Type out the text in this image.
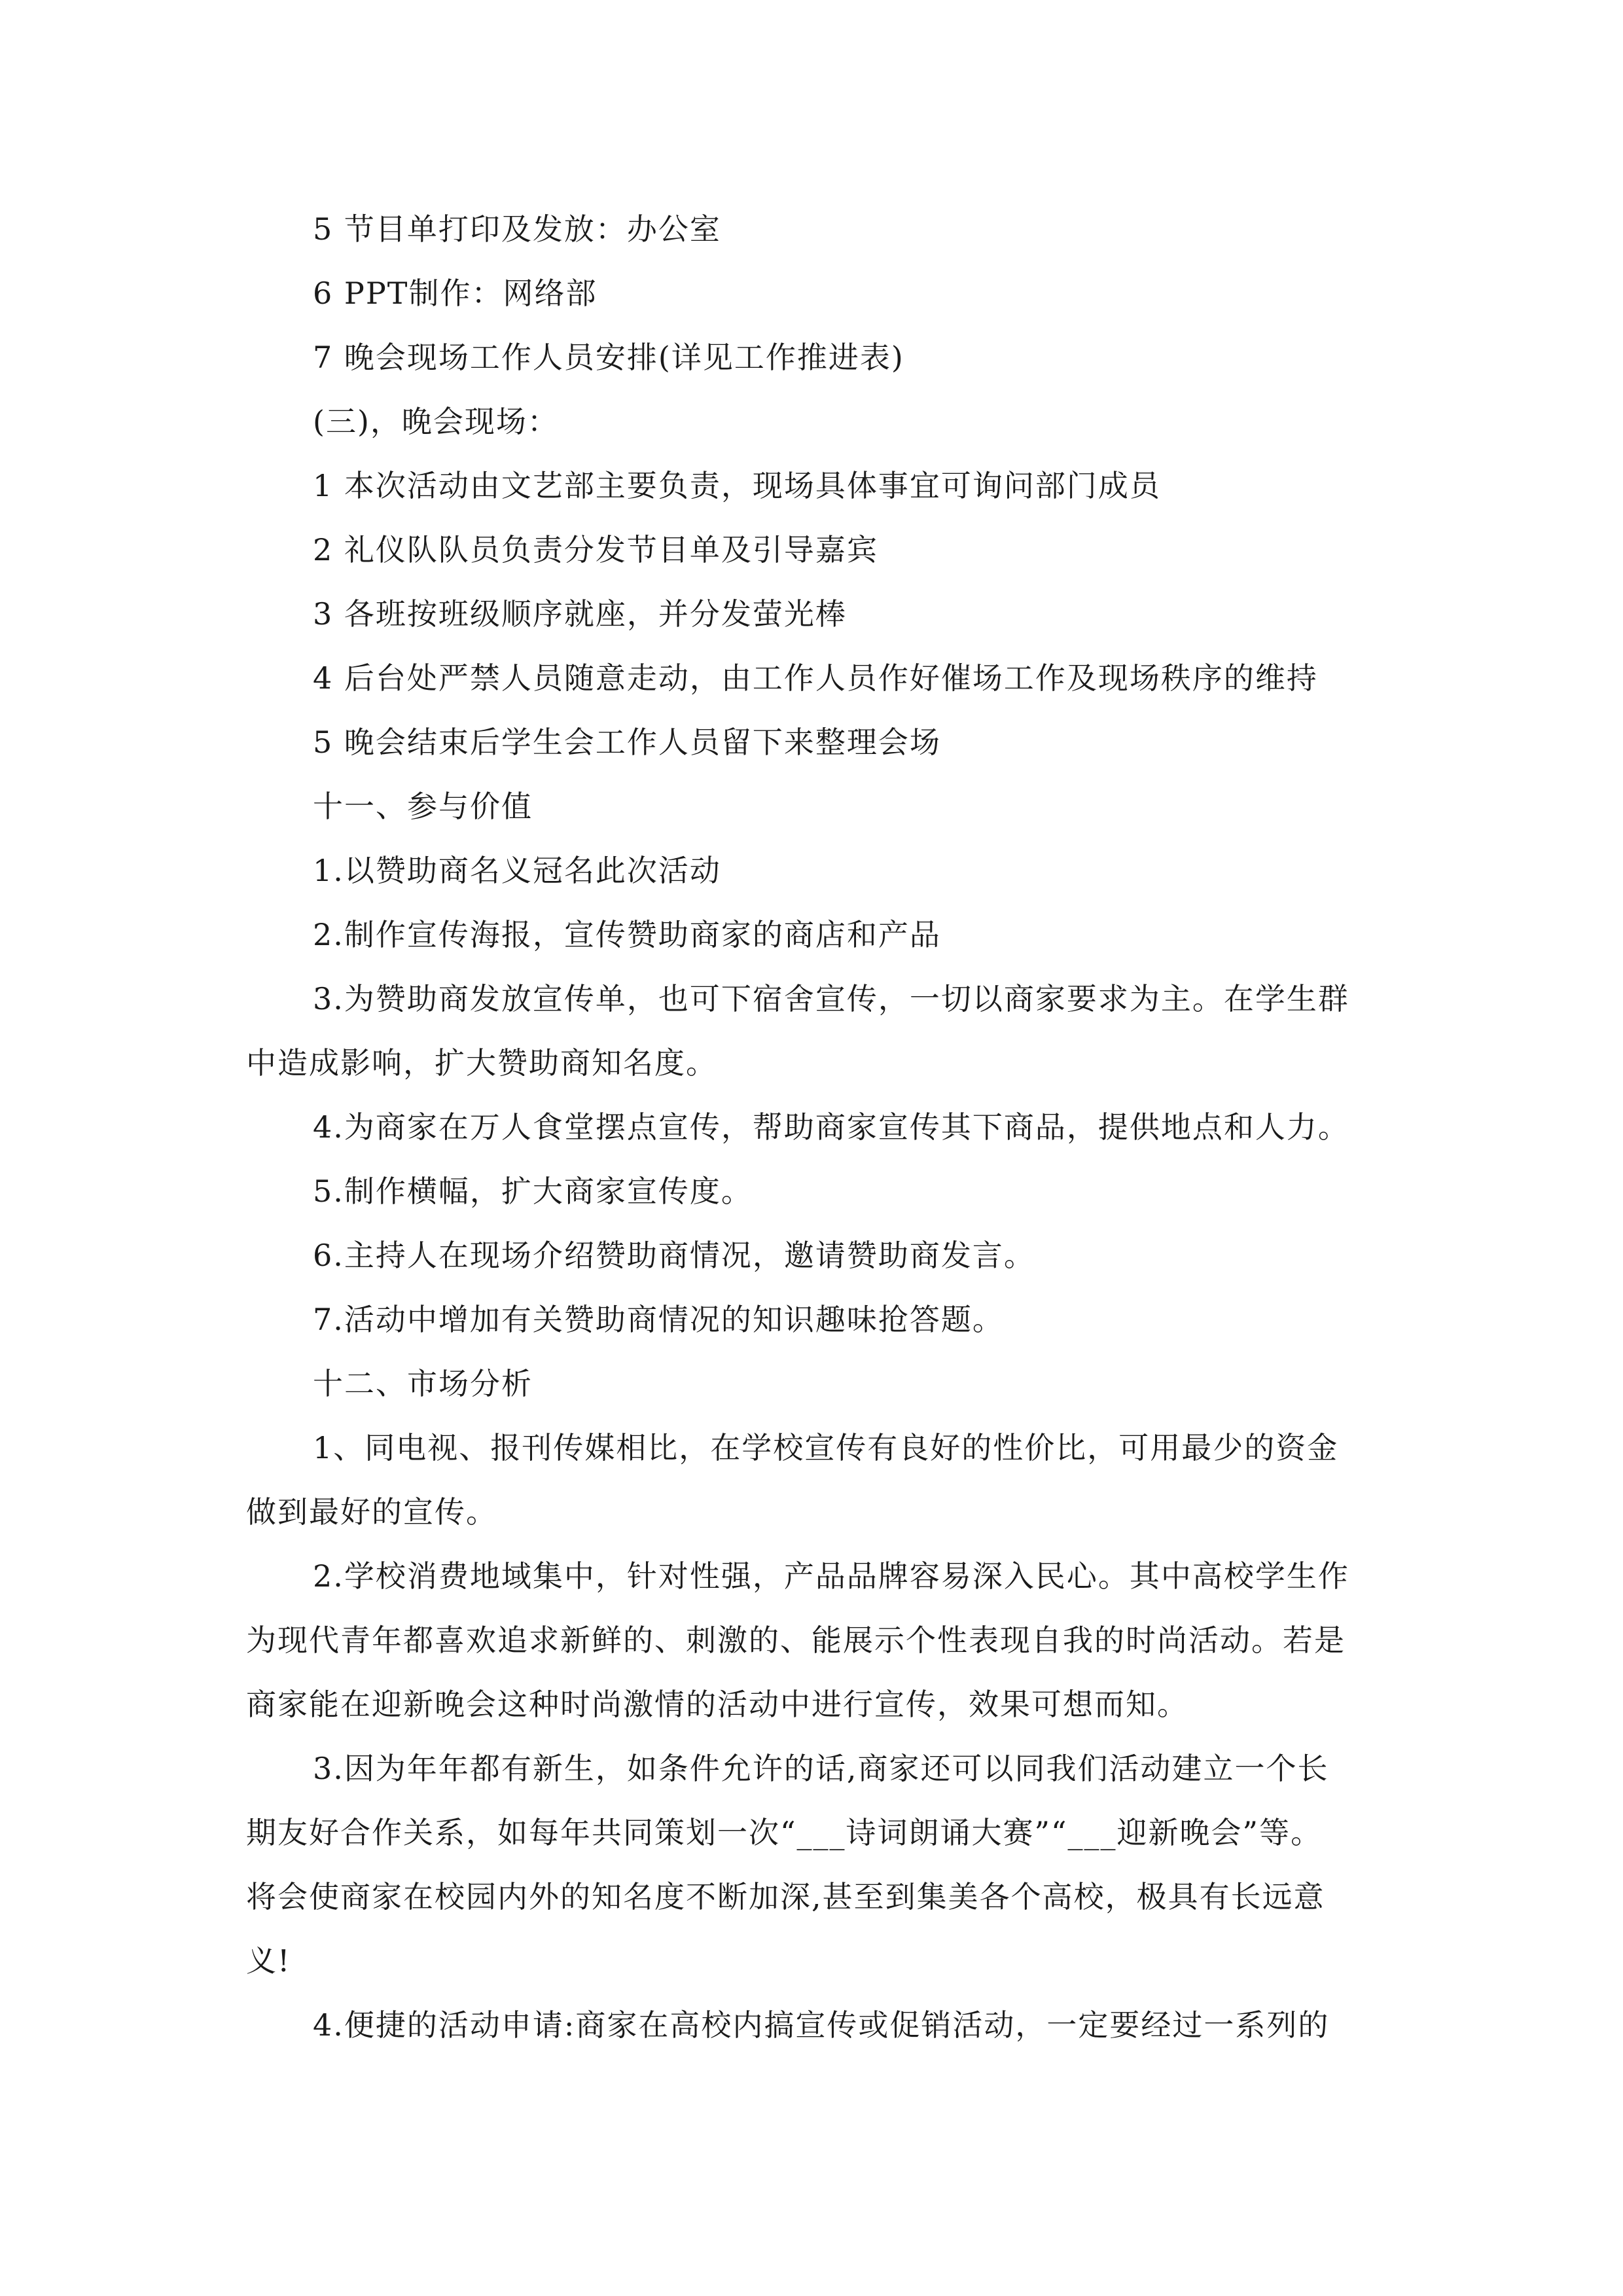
5 节目单打印及发放：办公室
6 PPT制作：网络部
7 晚会现场工作人员安排(详见工作推进表)
(三)，晚会现场：
1 本次活动由文艺部主要负责，现场具体事宜可询问部门成员
2 礼仪队队员负责分发节目单及引导嘉宾
3 各班按班级顺序就座，并分发萤光棒
4 后台处严禁人员随意走动，由工作人员作好催场工作及现场秩序的维持
5 晚会结束后学生会工作人员留下来整理会场
十一、参与价值
1.以赞助商名义冠名此次活动
2.制作宣传海报，宣传赞助商家的商店和产品
3.为赞助商发放宣传单，也可下宿舍宣传，一切以商家要求为主。在学生群
中造成影响，扩大赞助商知名度。
4.为商家在万人食堂摆点宣传，帮助商家宣传其下商品，提供地点和人力。
5.制作横幅，扩大商家宣传度。
6.主持人在现场介绍赞助商情况，邀请赞助商发言。
7.活动中增加有关赞助商情况的知识趣味抢答题。
十二、市场分析
1、同电视、报刊传媒相比，在学校宣传有良好的性价比，可用最少的资金
做到最好的宣传。
2.学校消费地域集中，针对性强，产品品牌容易深入民心。其中高校学生作
为现代青年都喜欢追求新鲜的、刺激的、能展示个性表现自我的时尚活动。若是
商家能在迎新晚会这种时尚激情的活动中进行宣传，效果可想而知。
3.因为年年都有新生，如条件允许的话,商家还可以同我们活动建立一个长
期友好合作关系，如每年共同策划一次“___诗词朗诵大赛”“___迎新晚会”等。
将会使商家在校园内外的知名度不断加深,甚至到集美各个高校，极具有长远意
义!
4.便捷的活动申请:商家在高校内搞宣传或促销活动，一定要经过一系列的
